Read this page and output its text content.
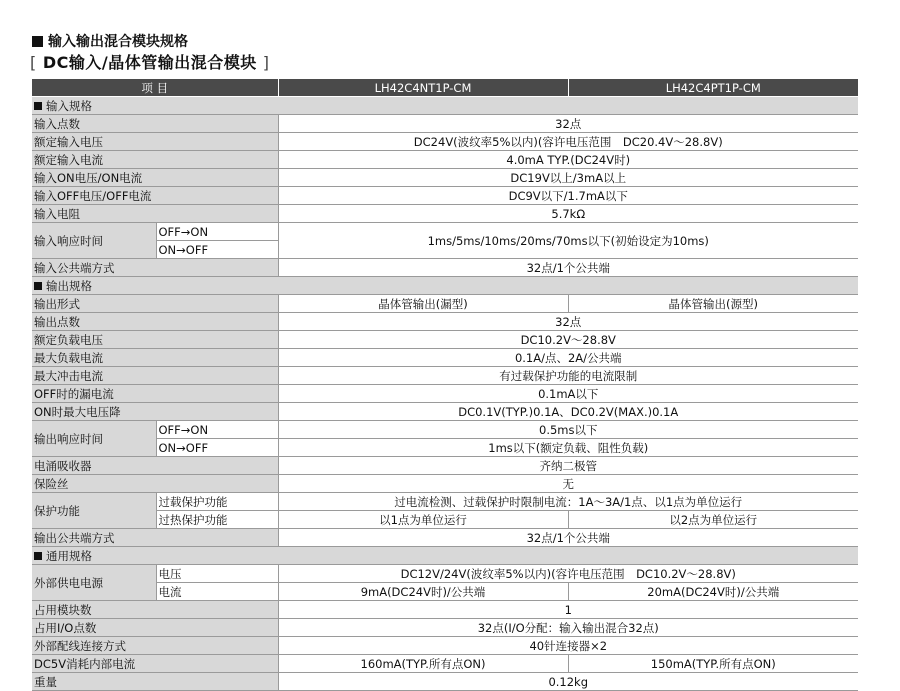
输入输出混合模块规格
[ DC输入/晶体管输出混合模块 ]
项 目		LH42C4NT1P-CM	LH42C4PT1P-CM
输入规格			
输入点数		32点	
额定输入电压		DC24V(波纹率5%以内)(容许电压范围　DC20.4V～28.8V)	
额定输入电流		4.0mA TYP.(DC24V时)	
输入ON电压/ON电流		DC19V以上/3mA以上	
输入OFF电压/OFF电流		DC9V以下/1.7mA以下	
输入电阻		5.7kΩ	
输入响应时间	OFF→ON	1ms/5ms/10ms/20ms/70ms以下(初始设定为10ms)	
	ON→OFF		
输入公共端方式		32点/1个公共端	
输出规格			
输出形式		晶体管输出(漏型)	晶体管输出(源型)
输出点数		32点	
额定负载电压		DC10.2V～28.8V	
最大负载电流		0.1A/点、2A/公共端	
最大冲击电流		有过载保护功能的电流限制	
OFF时的漏电流		0.1mA以下	
ON时最大电压降		DC0.1V(TYP.)0.1A、DC0.2V(MAX.)0.1A	
输出响应时间	OFF→ON	0.5ms以下	
	ON→OFF	1ms以下(额定负载、阻性负载)	
电涌吸收器		齐纳二极管	
保险丝		无	
保护功能	过载保护功能	过电流检测、过载保护时限制电流：1A～3A/1点、以1点为单位运行	
	过热保护功能	以1点为单位运行	以2点为单位运行
输出公共端方式		32点/1个公共端	
通用规格			
外部供电电源	电压	DC12V/24V(波纹率5%以内)(容许电压范围　DC10.2V～28.8V)	
	电流	9mA(DC24V时)/公共端	20mA(DC24V时)/公共端
占用模块数		1	
占用I/O点数		32点(I/O分配：输入输出混合32点)	
外部配线连接方式		40针连接器×2	
DC5V消耗内部电流		160mA(TYP.所有点ON)	150mA(TYP.所有点ON)
重量		0.12kg	
